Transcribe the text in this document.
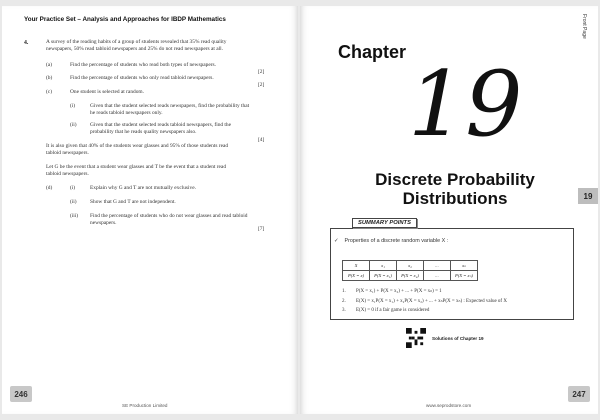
Your Practice Set – Analysis and Approaches for IBDP Mathematics
4.	A survey of the reading habits of a group of students revealed that 35% read quality
newspapers, 50% read tabloid newspapers and 25% do not read newspapers at all.
(a)	Find the percentage of students who read both types of newspapers.
[2]
(b)	Find the percentage of students who only read tabloid newspapers.
[2]
(c)	One student is selected at random.
(i)	Given that the student selected reads newspapers, find the probability that
he reads tabloid newspapers only.
(ii) Given that the student selected reads tabloid newspapers, find the
probability that he reads quality newspapers also.
[4]
It is also given that 40% of the students wear glasses and 95% of those students read
tabloid newspapers.
Let G be the event that a student wear glasses and T be the event that a student read
tabloid newspapers.
(d)	(i)	Explain why G and T are not mutually exclusive.
(ii) Show that G and T are not independent.
(iii) Find the percentage of students who do not wear glasses and read tabloid
newspapers.
[7]
246
SE Production Limited
Front Page
Chapter 19
Discrete Probability
Distributions	19
SUMMARY POINTS
✓ Properties of a discrete random variable X :
X	x₁	x₂	...	xₙ
P(X = x)	P(X = x₁)	P(X = x₂)	...	P(X = xₙ)
1. P(X = x₁) + P(X = x₂) + ... + P(X = xₙ) = 1
2. E(X) = x₁P(X = x₁) + x₂P(X = x₂) + ... + xₙP(X = xₙ) : Expected value of X
3. E(X) = 0 if a fair game is considered
Solutions of Chapter 19
247
www.seprodstore.com
